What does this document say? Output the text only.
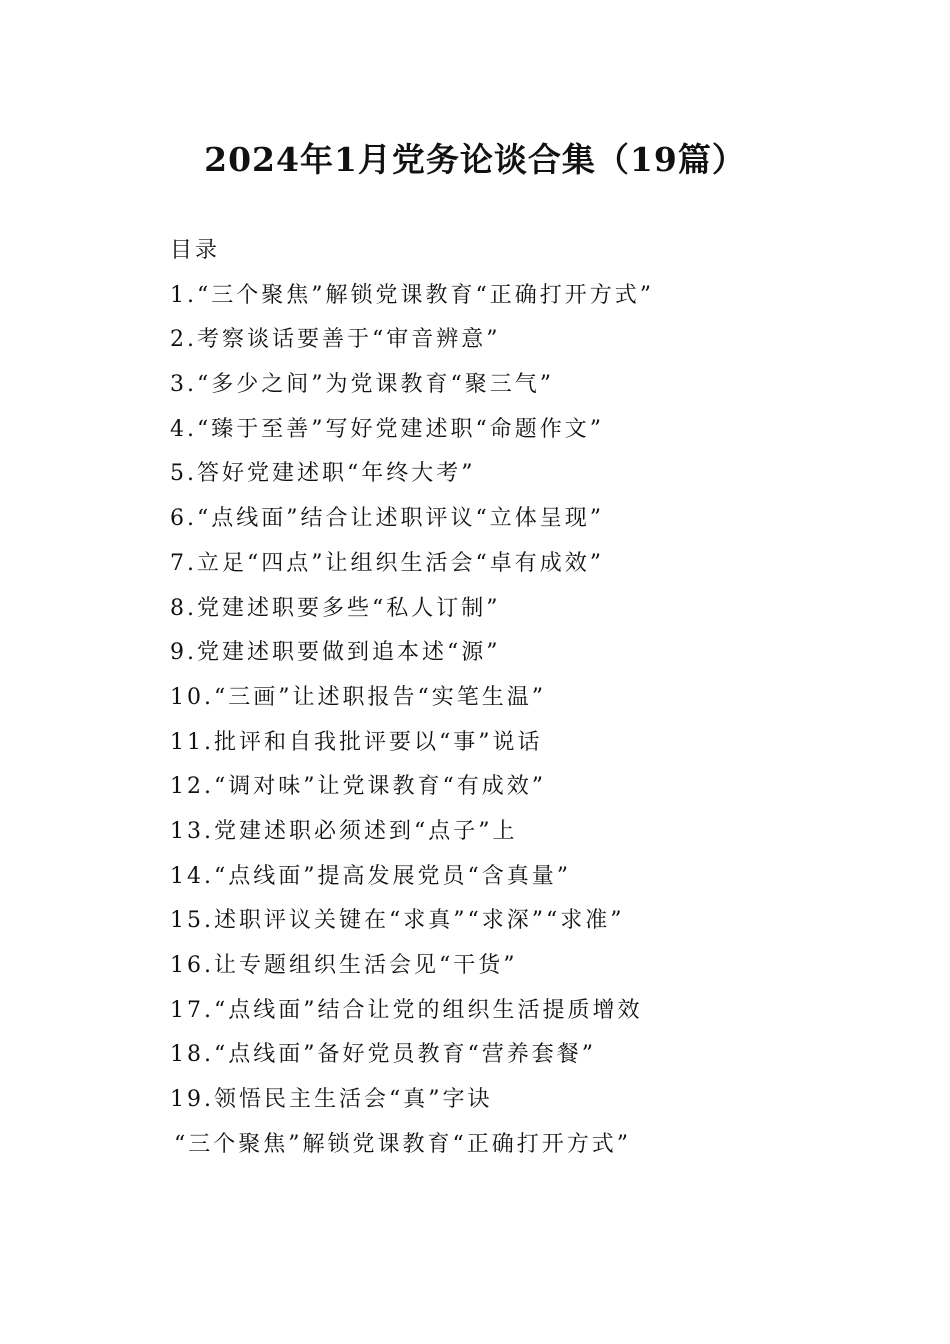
2024年1月党务论谈合集（19篇）
目录
1.“三个聚焦”解锁党课教育“正确打开方式”
2.考察谈话要善于“审音辨意”
3.“多少之间”为党课教育“聚三气”
4.“臻于至善”写好党建述职“命题作文”
5.答好党建述职“年终大考”
6.“点线面”结合让述职评议“立体呈现”
7.立足“四点”让组织生活会“卓有成效”
8.党建述职要多些“私人订制”
9.党建述职要做到追本述“源”
10.“三画”让述职报告“实笔生温”
11.批评和自我批评要以“事”说话
12.“调对味”让党课教育“有成效”
13.党建述职必须述到“点子”上
14.“点线面”提高发展党员“含真量”
15.述职评议关键在“求真”“求深”“求准”
16.让专题组织生活会见“干货”
17.“点线面”结合让党的组织生活提质增效
18.“点线面”备好党员教育“营养套餐”
19.领悟民主生活会“真”字诀
“三个聚焦”解锁党课教育“正确打开方式”
